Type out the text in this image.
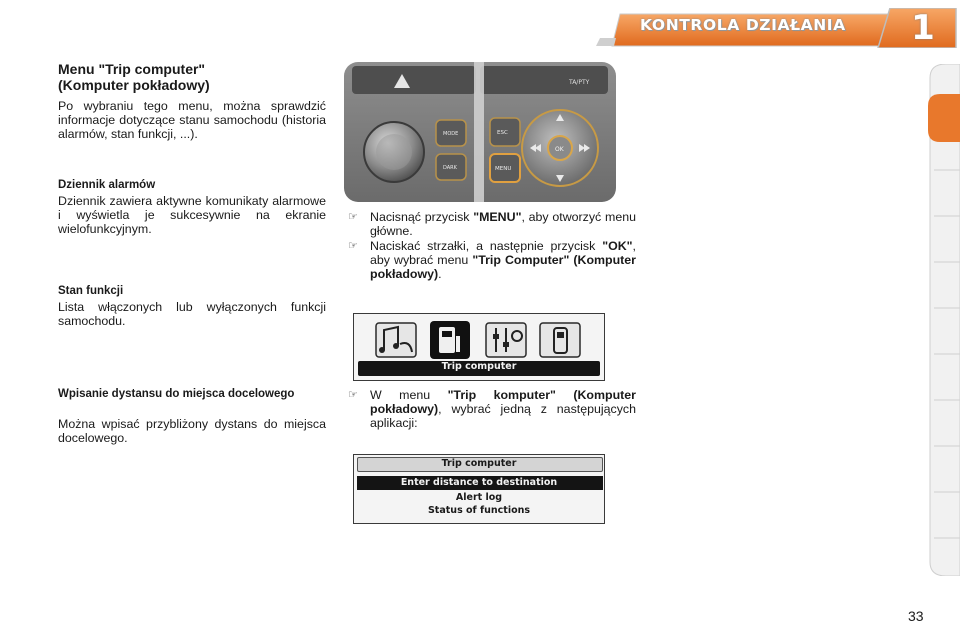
KONTROLA DZIAŁANIA 1
Menu "Trip computer"
(Komputer pokładowy)
Po wybraniu tego menu, można sprawdzić informacje dotyczące stanu samochodu (historia alarmów, stan funkcji, ...).
Dziennik alarmów
Dziennik zawiera aktywne komunikaty alarmowe i wyświetla je sukcesywnie na ekranie wielofunkcyjnym.
Stan funkcji
Lista włączonych lub wyłączonych funkcji samochodu.
Wpisanie dystansu do miejsca docelowego
Można wpisać przybliżony dystans do miejsca docelowego.
TA/PTY
MODE
DARK
ESC
MENU
OK
☞ Nacisnąć przycisk "MENU", aby otworzyć menu główne.
☞ Naciskać strzałki, a następnie przycisk "OK", aby wybrać menu "Trip Computer" (Komputer pokładowy).
Trip computer
☞ W menu "Trip komputer" (Komputer pokładowy), wybrać jedną z następujących aplikacji:
Trip computer
Enter distance to destination
Alert log
Status of functions
33
